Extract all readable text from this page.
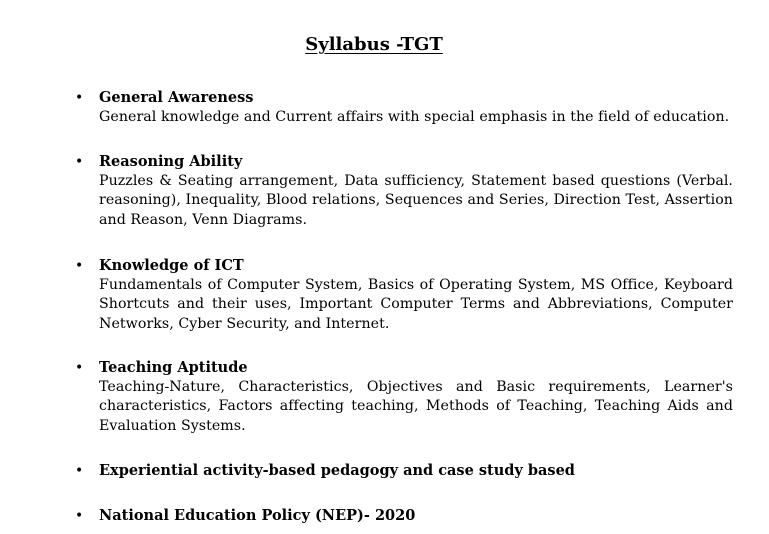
Syllabus -TGT
• General Awareness
General knowledge and Current affairs with special emphasis in the field of education.
• Reasoning Ability
Puzzles & Seating arrangement, Data sufficiency, Statement based questions (Verbal. reasoning), Inequality, Blood relations, Sequences and Series, Direction Test, Assertion and Reason, Venn Diagrams.
• Knowledge of ICT
Fundamentals of Computer System, Basics of Operating System, MS Office, Keyboard Shortcuts and their uses, Important Computer Terms and Abbreviations, Computer Networks, Cyber Security, and Internet.
• Teaching Aptitude
Teaching-Nature, Characteristics, Objectives and Basic requirements, Learner's characteristics, Factors affecting teaching, Methods of Teaching, Teaching Aids and Evaluation Systems.
• Experiential activity-based pedagogy and case study based
• National Education Policy (NEP)- 2020
